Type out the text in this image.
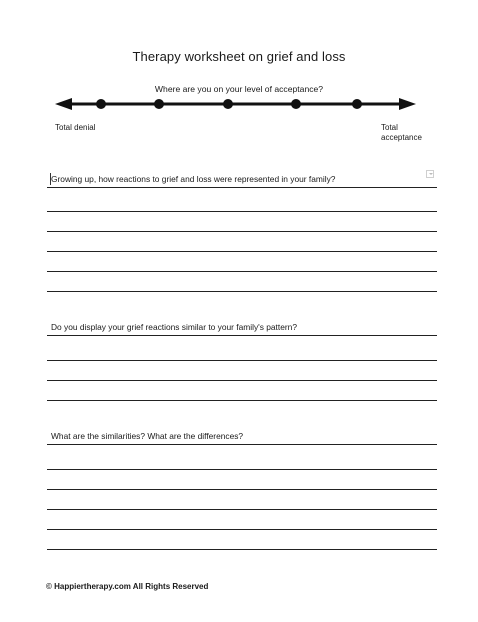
Therapy worksheet on grief and loss
Where are you on your level of acceptance?
Total denial	Total
acceptance
Growing up, how reactions to grief and loss were represented in your family?
Do you display your grief reactions similar to your family's pattern?
What are the similarities? What are the differences?
© Happiertherapy.com All Rights Reserved
